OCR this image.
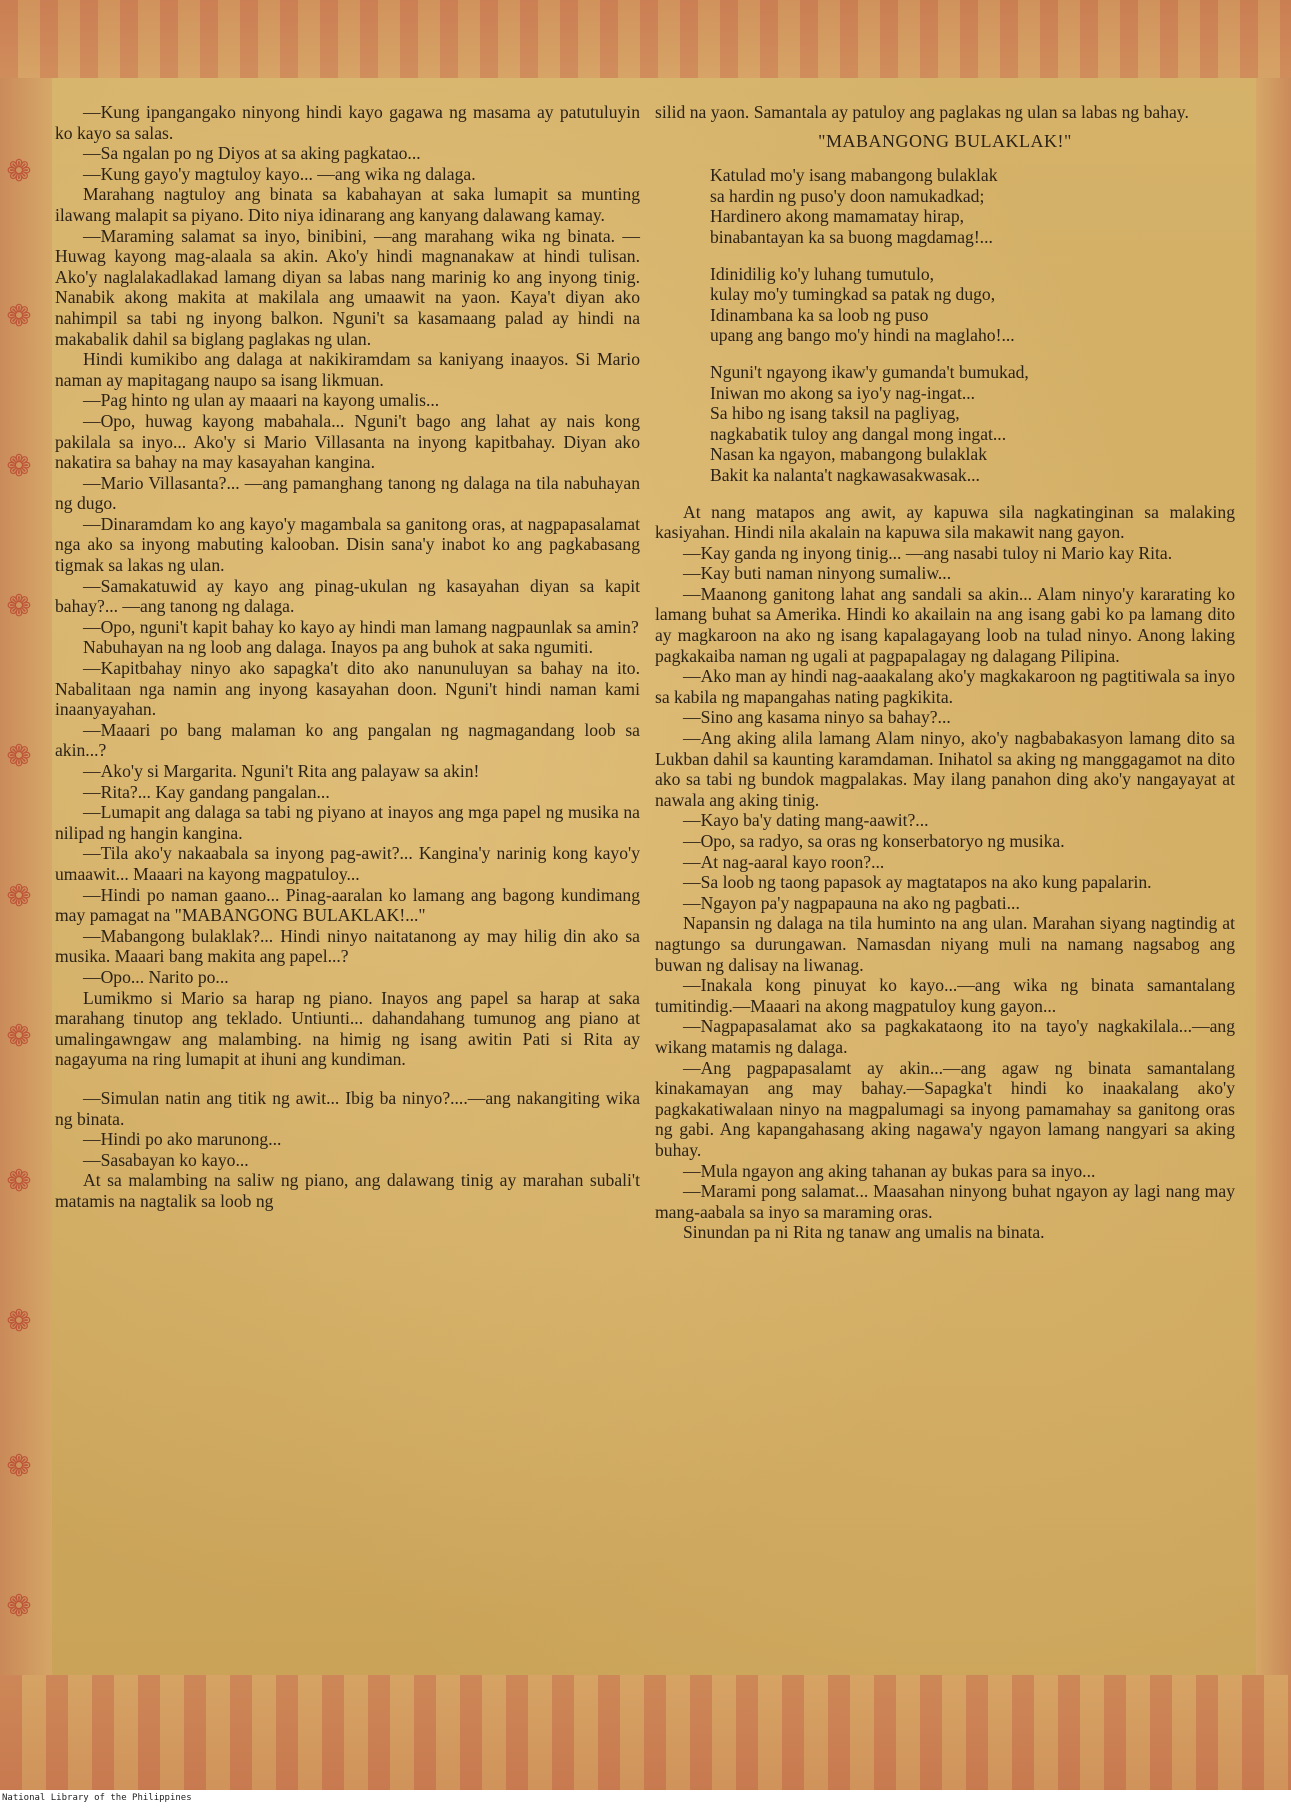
❁
❁
❁
❁
❁
❁
❁
❁
❁
❁
❁

—Kung ipangangako ninyong hindi kayo gagawa ng masama ay patutuluyin ko kayo sa salas.

—Sa ngalan po ng Diyos at sa aking pagkatao...

—Kung gayo'y magtuloy kayo... —ang wika ng dalaga.

Marahang nagtuloy ang binata sa kabahayan at saka lumapit sa munting ilawang malapit sa piyano. Dito niya idinarang ang kanyang dalawang kamay.

—Maraming salamat sa inyo, binibini, —ang marahang wika ng binata. —Huwag kayong mag-alaala sa akin. Ako'y hindi magnanakaw at hindi tulisan. Ako'y naglalakadlakad lamang diyan sa labas nang marinig ko ang inyong tinig. Nanabik akong makita at makilala ang umaawit na yaon. Kaya't diyan ako nahimpil sa tabi ng inyong balkon. Nguni't sa kasamaang palad ay hindi na makabalik dahil sa biglang paglakas ng ulan.

Hindi kumikibo ang dalaga at nakikiramdam sa kaniyang inaayos. Si Mario naman ay mapitagang naupo sa isang likmuan.

—Pag hinto ng ulan ay maaari na kayong umalis...

—Opo, huwag kayong mabahala... Nguni't bago ang lahat ay nais kong pakilala sa inyo... Ako'y si Mario Villasanta na inyong kapitbahay. Diyan ako nakatira sa bahay na may kasayahan kangina.

—Mario Villasanta?... —ang pamanghang tanong ng dalaga na tila nabuhayan ng dugo.

—Dinaramdam ko ang kayo'y magambala sa ganitong oras, at nagpapasalamat nga ako sa inyong mabuting kalooban. Disin sana'y inabot ko ang pagkabasang tigmak sa lakas ng ulan.

—Samakatuwid ay kayo ang pinag-ukulan ng kasayahan diyan sa kapit bahay?... —ang tanong ng dalaga.

—Opo, nguni't kapit bahay ko kayo ay hindi man lamang nagpaunlak sa amin?

Nabuhayan na ng loob ang dalaga. Inayos pa ang buhok at saka ngumiti.

—Kapitbahay ninyo ako sapagka't dito ako nanunuluyan sa bahay na ito. Nabalitaan nga namin ang inyong kasayahan doon. Nguni't hindi naman kami inaanyayahan.

—Maaari po bang malaman ko ang pangalan ng nagmagandang loob sa akin...?

—Ako'y si Margarita. Nguni't Rita ang palayaw sa akin!

—Rita?... Kay gandang pangalan...

—Lumapit ang dalaga sa tabi ng piyano at inayos ang mga papel ng musika na nilipad ng hangin kangina.

—Tila ako'y nakaabala sa inyong pag-awit?... Kangina'y narinig kong kayo'y umaawit... Maaari na kayong magpatuloy...

—Hindi po naman gaano... Pinag-aaralan ko lamang ang bagong kundimang may pamagat na "MABANGONG BULAKLAK!..."

—Mabangong bulaklak?... Hindi ninyo naitatanong ay may hilig din ako sa musika. Maaari bang makita ang papel...?

—Opo... Narito po...

Lumikmo si Mario sa harap ng piano. Inayos ang papel sa harap at saka marahang tinutop ang teklado. Untiunti... dahandahang tumunog ang piano at umalingawngaw ang malambing. na himig ng isang awitin Pati si Rita ay nagayuma na ring lumapit at ihuni ang kundiman.

—Simulan natin ang titik ng awit... Ibig ba ninyo?....—ang nakangiting wika ng binata.

—Hindi po ako marunong...

—Sasabayan ko kayo...

At sa malambing na saliw ng piano, ang dalawang tinig ay marahan subali't matamis na nagtalik sa loob ng

silid na yaon. Samantala ay patuloy ang paglakas ng ulan sa labas ng bahay.

"MABANGONG BULAKLAK!"
Katulad mo'y isang mabangong bulaklak
sa hardin ng puso'y doon namukadkad;
Hardinero akong mamamatay hirap,
binabantayan ka sa buong magdamag!...
Idinidilig ko'y luhang tumutulo,
kulay mo'y tumingkad sa patak ng dugo,
Idinambana ka sa loob ng puso
upang ang bango mo'y hindi na maglaho!...
Nguni't ngayong ikaw'y gumanda't bumukad,
Iniwan mo akong sa iyo'y nag-ingat...
Sa hibo ng isang taksil na pagliyag,
nagkabatik tuloy ang dangal mong ingat...
Nasan ka ngayon, mabangong bulaklak
Bakit ka nalanta't nagkawasakwasak...

At nang matapos ang awit, ay kapuwa sila nagkatinginan sa malaking kasiyahan. Hindi nila akalain na kapuwa sila makawit nang gayon.

—Kay ganda ng inyong tinig... —ang nasabi tuloy ni Mario kay Rita.

—Kay buti naman ninyong sumaliw...

—Maanong ganitong lahat ang sandali sa akin... Alam ninyo'y kararating ko lamang buhat sa Amerika. Hindi ko akailain na ang isang gabi ko pa lamang dito ay magkaroon na ako ng isang kapalagayang loob na tulad ninyo. Anong laking pagkakaiba naman ng ugali at pagpapalagay ng dalagang Pilipina.

—Ako man ay hindi nag-aaakalang ako'y magkakaroon ng pagtitiwala sa inyo sa kabila ng mapangahas nating pagkikita.

—Sino ang kasama ninyo sa bahay?...

—Ang aking alila lamang Alam ninyo, ako'y nagbabakasyon lamang dito sa Lukban dahil sa kaunting karamdaman. Inihatol sa aking ng manggagamot na dito ako sa tabi ng bundok magpalakas. May ilang panahon ding ako'y nangayayat at nawala ang aking tinig.

—Kayo ba'y dating mang-aawit?...

—Opo, sa radyo, sa oras ng konserbatoryo ng musika.

—At nag-aaral kayo roon?...

—Sa loob ng taong papasok ay magtatapos na ako kung papalarin.

—Ngayon pa'y nagpapauna na ako ng pagbati...

Napansin ng dalaga na tila huminto na ang ulan. Marahan siyang nagtindig at nagtungo sa durungawan. Namasdan niyang muli na namang nagsabog ang buwan ng dalisay na liwanag.

—Inakala kong pinuyat ko kayo...—ang wika ng binata samantalang tumitindig.—Maaari na akong magpatuloy kung gayon...

—Nagpapasalamat ako sa pagkakataong ito na tayo'y nagkakilala...—ang wikang matamis ng dalaga.

—Ang pagpapasalamt ay akin...—ang agaw ng binata samantalang kinakamayan ang may bahay.—Sapagka't hindi ko inaakalang ako'y pagkakatiwalaan ninyo na magpalumagi sa inyong pamamahay sa ganitong oras ng gabi. Ang kapangahasang aking nagawa'y ngayon lamang nangyari sa aking buhay.

—Mula ngayon ang aking tahanan ay bukas para sa inyo...

—Marami pong salamat... Maasahan ninyong buhat ngayon ay lagi nang may mang-aabala sa inyo sa maraming oras.

Sinundan pa ni Rita ng tanaw ang umalis na binata.

National Library of the Philippines
